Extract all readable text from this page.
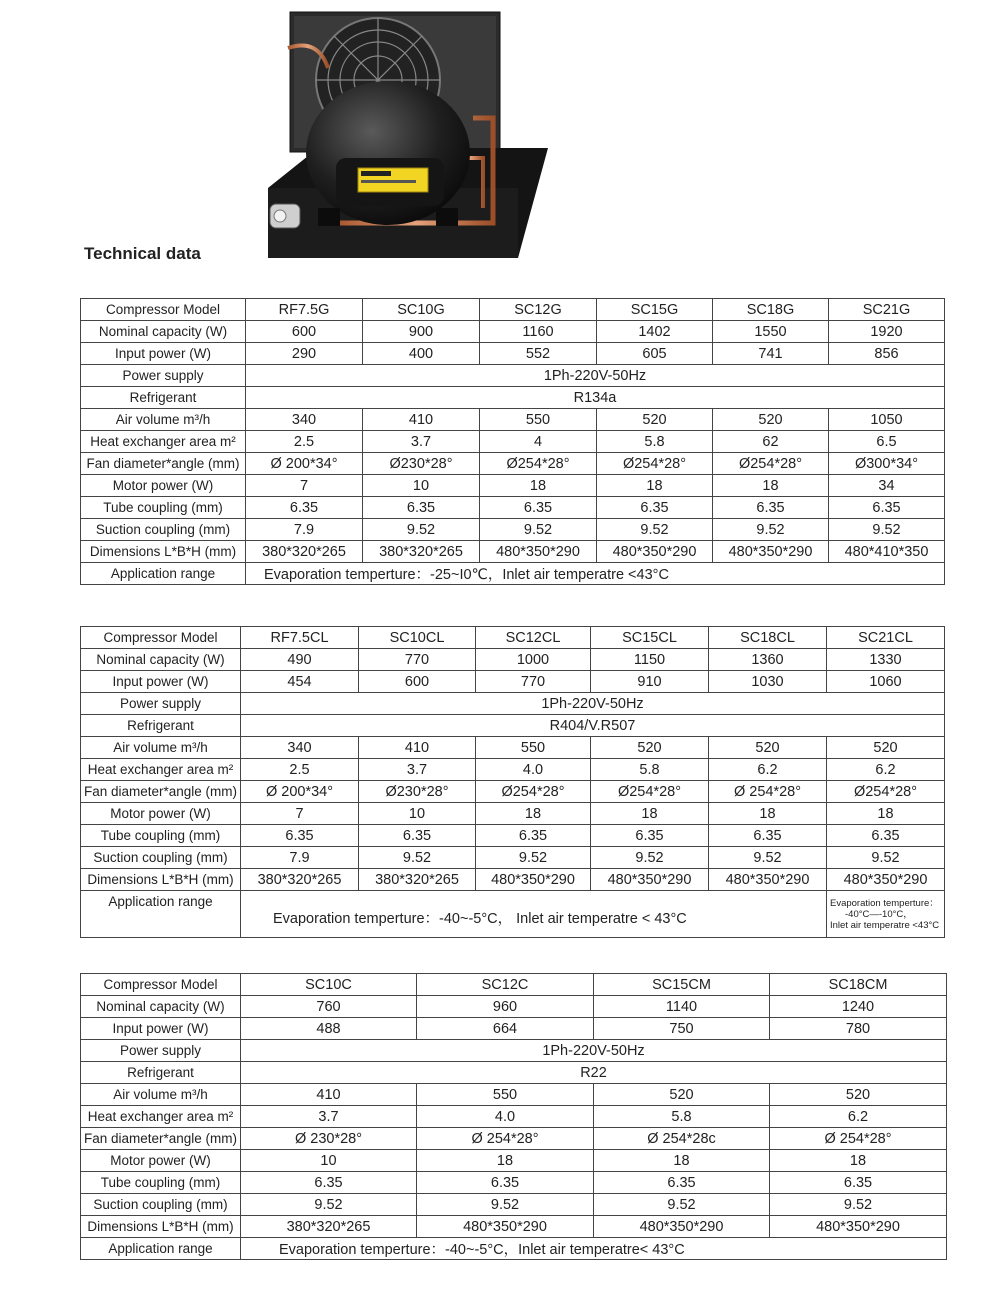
Technical data
Compressor Model	RF7.5G	SC10G	SC12G	SC15G	SC18G	SC21G
Nominal capacity (W)	600	900	1160	1402	1550	1920
Input power (W)	290	400	552	605	741	856
Power supply	1Ph-220V-50Hz					
Refrigerant	R134a					
Air volume m³/h	340	410	550	520	520	1050
Heat exchanger area m²	2.5	3.7	4	5.8	62	6.5
Fan diameter*angle (mm)	Ø 200*34°	Ø230*28°	Ø254*28°	Ø254*28°	Ø254*28°	Ø300*34°
Motor power (W)	7	10	18	18	18	34
Tube coupling (mm)	6.35	6.35	6.35	6.35	6.35	6.35
Suction coupling (mm)	7.9	9.52	9.52	9.52	9.52	9.52
Dimensions L*B*H (mm)	380*320*265	380*320*265	480*350*290	480*350*290	480*350*290	480*410*350
Application range	Evaporation temperture：-25~I0℃，Inlet air temperatre <43°C					
Compressor Model	RF7.5CL	SC10CL	SC12CL	SC15CL	SC18CL	SC21CL
Nominal capacity (W)	490	770	1000	1150	1360	1330
Input power (W)	454	600	770	910	1030	1060
Power supply	1Ph-220V-50Hz					
Refrigerant	R404/V.R507					
Air volume m³/h	340	410	550	520	520	520
Heat exchanger area m²	2.5	3.7	4.0	5.8	6.2	6.2
Fan diameter*angle (mm)	Ø 200*34°	Ø230*28°	Ø254*28°	Ø254*28°	Ø 254*28°	Ø254*28°
Motor power (W)	7	10	18	18	18	18
Tube coupling (mm)	6.35	6.35	6.35	6.35	6.35	6.35
Suction coupling (mm)	7.9	9.52	9.52	9.52	9.52	9.52
Dimensions L*B*H (mm)	380*320*265	380*320*265	480*350*290	480*350*290	480*350*290	480*350*290
Application range	Evaporation temperture：-40~-5°C， Inlet air temperatre < 43°C					Evaporation temperture：
-40°C—-10°C，
Inlet air temperatre <43°C
Compressor Model	SC10C	SC12C	SC15CM	SC18CM
Nominal capacity (W)	760	960	1140	1240
Input power (W)	488	664	750	780
Power supply	1Ph-220V-50Hz			
Refrigerant	R22			
Air volume m³/h	410	550	520	520
Heat exchanger area m²	3.7	4.0	5.8	6.2
Fan diameter*angle (mm)	Ø 230*28°	Ø 254*28°	Ø 254*28c	Ø 254*28°
Motor power (W)	10	18	18	18
Tube coupling (mm)	6.35	6.35	6.35	6.35
Suction coupling (mm)	9.52	9.52	9.52	9.52
Dimensions L*B*H (mm)	380*320*265	480*350*290	480*350*290	480*350*290
Application range	Evaporation temperture：-40~-5°C，Inlet air temperatre< 43°C			
